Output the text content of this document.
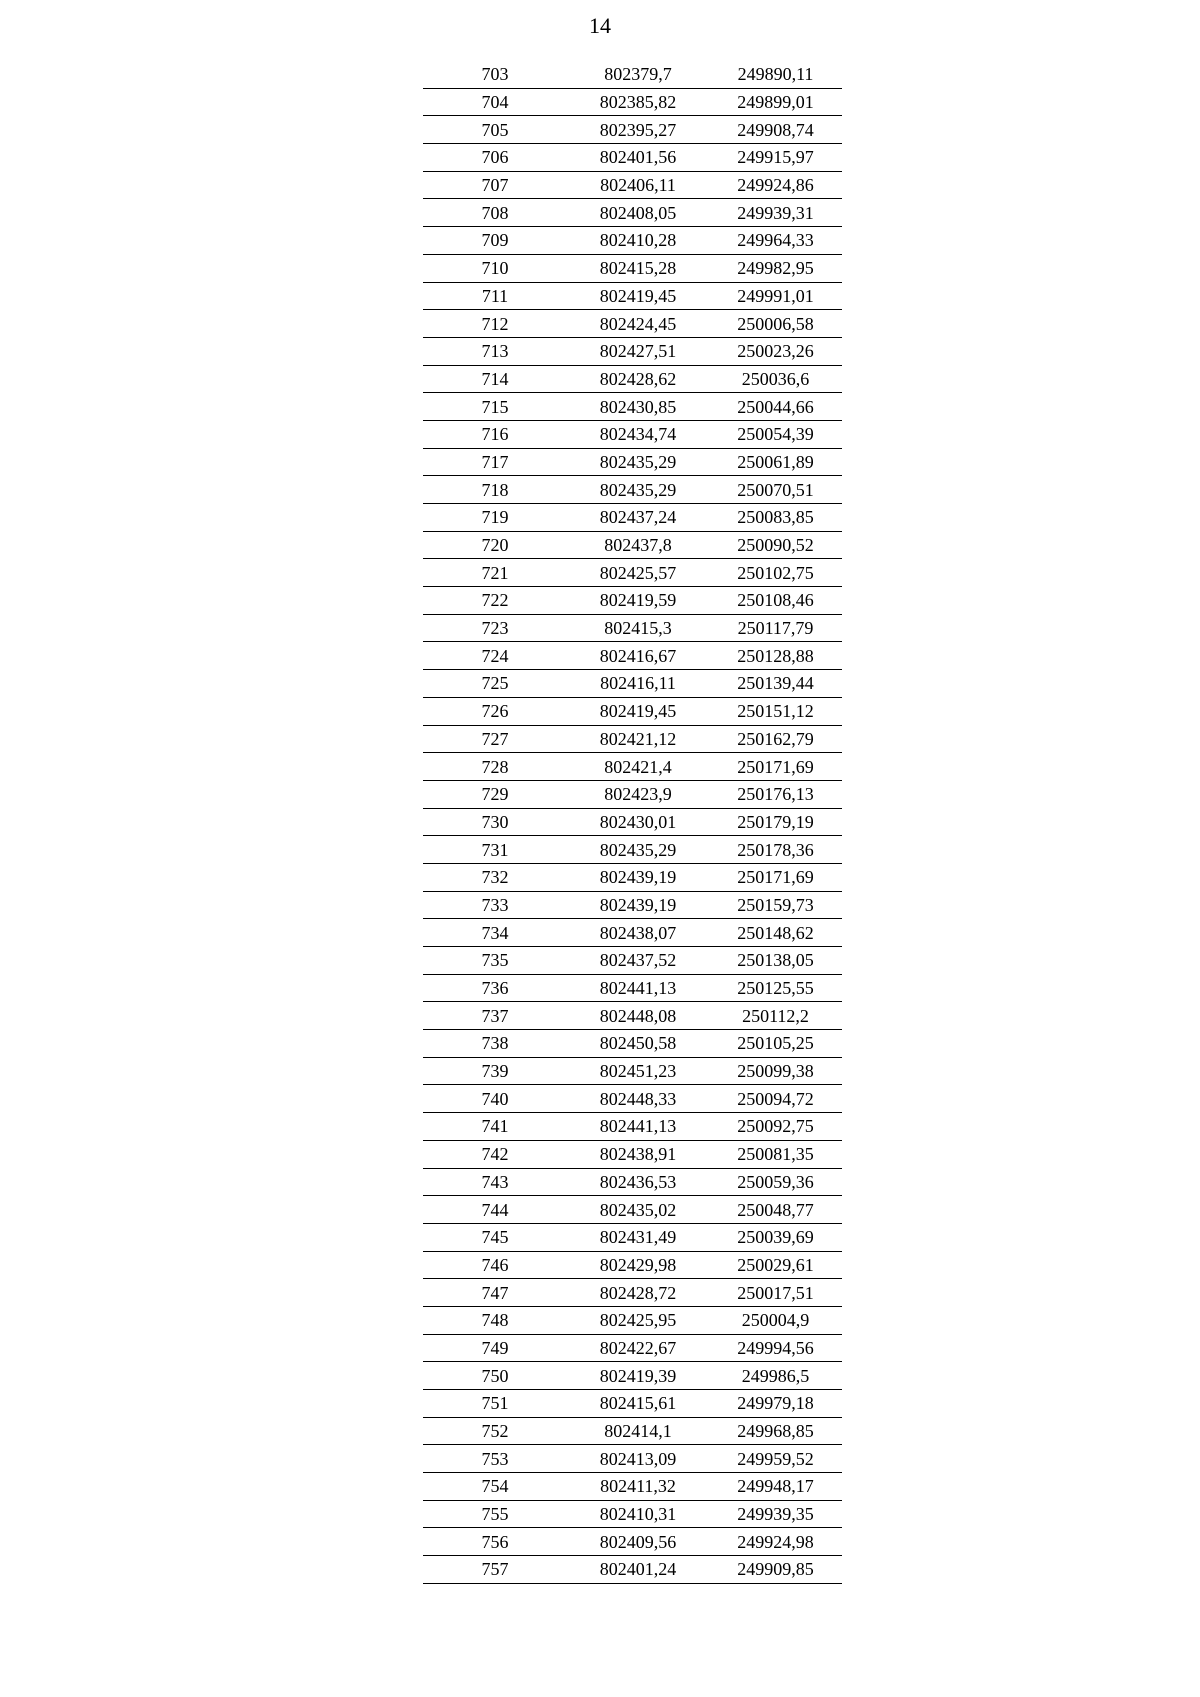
14
703	802379,7	249890,11
704	802385,82	249899,01
705	802395,27	249908,74
706	802401,56	249915,97
707	802406,11	249924,86
708	802408,05	249939,31
709	802410,28	249964,33
710	802415,28	249982,95
711	802419,45	249991,01
712	802424,45	250006,58
713	802427,51	250023,26
714	802428,62	250036,6
715	802430,85	250044,66
716	802434,74	250054,39
717	802435,29	250061,89
718	802435,29	250070,51
719	802437,24	250083,85
720	802437,8	250090,52
721	802425,57	250102,75
722	802419,59	250108,46
723	802415,3	250117,79
724	802416,67	250128,88
725	802416,11	250139,44
726	802419,45	250151,12
727	802421,12	250162,79
728	802421,4	250171,69
729	802423,9	250176,13
730	802430,01	250179,19
731	802435,29	250178,36
732	802439,19	250171,69
733	802439,19	250159,73
734	802438,07	250148,62
735	802437,52	250138,05
736	802441,13	250125,55
737	802448,08	250112,2
738	802450,58	250105,25
739	802451,23	250099,38
740	802448,33	250094,72
741	802441,13	250092,75
742	802438,91	250081,35
743	802436,53	250059,36
744	802435,02	250048,77
745	802431,49	250039,69
746	802429,98	250029,61
747	802428,72	250017,51
748	802425,95	250004,9
749	802422,67	249994,56
750	802419,39	249986,5
751	802415,61	249979,18
752	802414,1	249968,85
753	802413,09	249959,52
754	802411,32	249948,17
755	802410,31	249939,35
756	802409,56	249924,98
757	802401,24	249909,85
